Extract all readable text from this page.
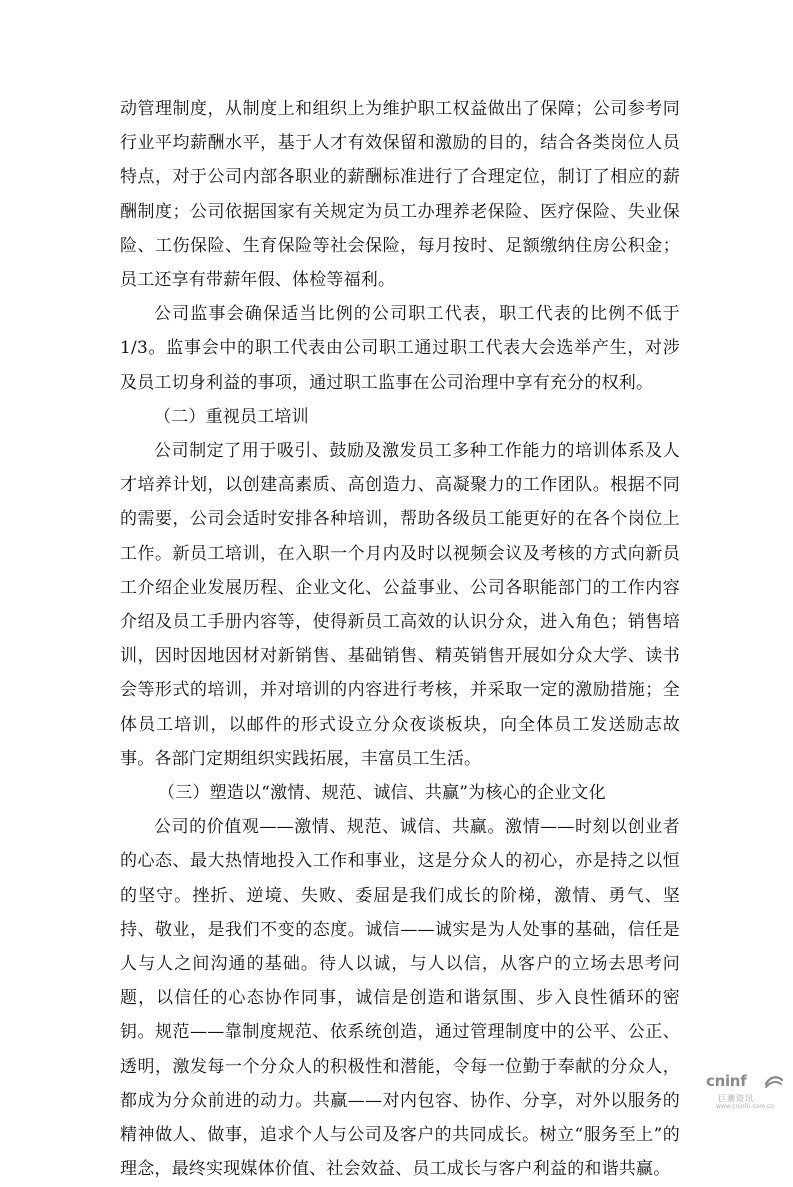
动管理制度，从制度上和组织上为维护职工权益做出了保障；公司参考同行业平均薪酬水平，基于人才有效保留和激励的目的，结合各类岗位人员特点，对于公司内部各职业的薪酬标准进行了合理定位，制订了相应的薪酬制度；公司依据国家有关规定为员工办理养老保险、医疗保险、失业保险、工伤保险、生育保险等社会保险，每月按时、足额缴纳住房公积金；员工还享有带薪年假、体检等福利。

公司监事会确保适当比例的公司职工代表，职工代表的比例不低于1/3。监事会中的职工代表由公司职工通过职工代表大会选举产生，对涉及员工切身利益的事项，通过职工监事在公司治理中享有充分的权利。

（二）重视员工培训

公司制定了用于吸引、鼓励及激发员工多种工作能力的培训体系及人才培养计划，以创建高素质、高创造力、高凝聚力的工作团队。根据不同的需要，公司会适时安排各种培训，帮助各级员工能更好的在各个岗位上工作。新员工培训，在入职一个月内及时以视频会议及考核的方式向新员工介绍企业发展历程、企业文化、公益事业、公司各职能部门的工作内容介绍及员工手册内容等，使得新员工高效的认识分众，进入角色；销售培训，因时因地因材对新销售、基础销售、精英销售开展如分众大学、读书会等形式的培训，并对培训的内容进行考核，并采取一定的激励措施；全体员工培训，以邮件的形式设立分众夜谈板块，向全体员工发送励志故事。各部门定期组织实践拓展，丰富员工生活。

（三）塑造以“激情、规范、诚信、共赢”为核心的企业文化

公司的价值观——激情、规范、诚信、共赢。激情——时刻以创业者的心态、最大热情地投入工作和事业，这是分众人的初心，亦是持之以恒的坚守。挫折、逆境、失败、委屈是我们成长的阶梯，激情、勇气、坚持、敬业，是我们不变的态度。诚信——诚实是为人处事的基础，信任是人与人之间沟通的基础。待人以诚，与人以信，从客户的立场去思考问题，以信任的心态协作同事，诚信是创造和谐氛围、步入良性循环的密钥。规范——靠制度规范、依系统创造，通过管理制度中的公平、公正、透明，激发每一个分众人的积极性和潜能，令每一位勤于奉献的分众人，都成为分众前进的动力。共赢——对内包容、协作、分享，对外以服务的精神做人、做事，追求个人与公司及客户的共同成长。树立“服务至上”的理念，最终实现媒体价值、社会效益、员工成长与客户利益的和谐共赢。

cninf
巨潮资讯
www.cninfo.com.cn
